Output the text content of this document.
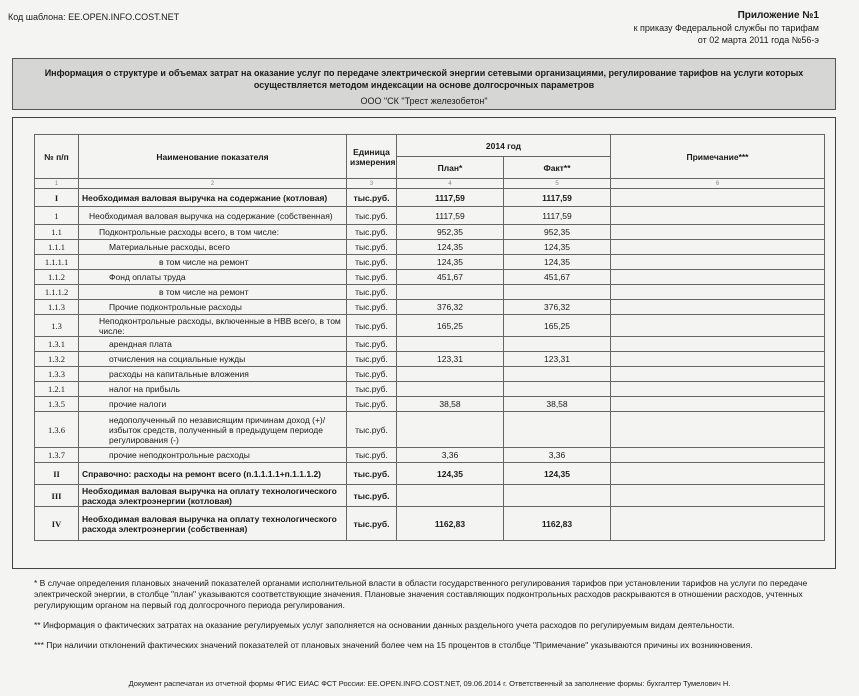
Код шаблона: EE.OPEN.INFO.COST.NET	Приложение №1
к приказу Федеральной службы по тарифам
от 02 марта 2011 года №56-э
Информация о структуре и объемах затрат на оказание услуг по передаче электрической энергии сетевыми организациями, регулирование тарифов на услуги которых осуществляется методом индексации на основе долгосрочных параметров
ООО "СК "Трест железобетон"
№ п/п	Наименование показателя	Единица измерения	2014 год		Примечание***
			План*	Факт**	
1	2	3	4	5	6
I	Необходимая валовая выручка на содержание (котловая)	тыс.руб.	1117,59	1117,59	
1	Необходимая валовая выручка на содержание (собственная)	тыс.руб.	1117,59	1117,59	
1.1	Подконтрольные расходы всего, в том числе:	тыс.руб.	952,35	952,35	
1.1.1	Материальные расходы, всего	тыс.руб.	124,35	124,35	
1.1.1.1	в том числе на ремонт	тыс.руб.	124,35	124,35	
1.1.2	Фонд оплаты труда	тыс.руб.	451,67	451,67	
1.1.1.2	в том числе на ремонт	тыс.руб.			
1.1.3	Прочие подконтрольные расходы	тыс.руб.	376,32	376,32	
1.3	Неподконтрольные расходы, включенные в НВВ всего, в том числе:	тыс.руб.	165,25	165,25	
1.3.1	арендная плата	тыс.руб.			
1.3.2	отчисления на социальные нужды	тыс.руб.	123,31	123,31	
1.3.3	расходы на капитальные вложения	тыс.руб.			
1.2.1	налог на прибыль	тыс.руб.			
1.3.5	прочие налоги	тыс.руб.	38,58	38,58	
1.3.6	недополученный по независящим причинам доход (+)/избыток средств, полученный в предыдущем периоде регулирования (-)	тыс.руб.			
1.3.7	прочие неподконтрольные расходы	тыс.руб.	3,36	3,36	
II	Справочно: расходы на ремонт всего (п.1.1.1.1+п.1.1.1.2)	тыс.руб.	124,35	124,35	
III	Необходимая валовая выручка на оплату технологического расхода электроэнергии (котловая)	тыс.руб.			
IV	Необходимая валовая выручка на оплату технологического расхода электроэнергии (собственная)	тыс.руб.	1162,83	1162,83	

* В случае определения плановых значений показателей органами исполнительной власти в области государственного регулирования тарифов при установлении тарифов на услуги по передаче электрической энергии, в столбце "план" указываются соответствующие значения. Плановые значения составляющих подконтрольных расходов раскрываются в отношении расходов, учтенных регулирующим органом на первый год долгосрочного периода регулирования.

** Информация о фактических затратах на оказание регулируемых услуг заполняется на основании данных раздельного учета расходов по регулируемым видам деятельности.

*** При наличии отклонений фактических значений показателей от плановых значений более чем на 15 процентов в столбце "Примечание" указываются причины их возникновения.

Документ распечатан из отчетной формы ФГИС ЕИАС ФСТ России: EE.OPEN.INFO.COST.NET, 09.06.2014 г. Ответственный за заполнение формы: бухгалтер Тумелович Н.
